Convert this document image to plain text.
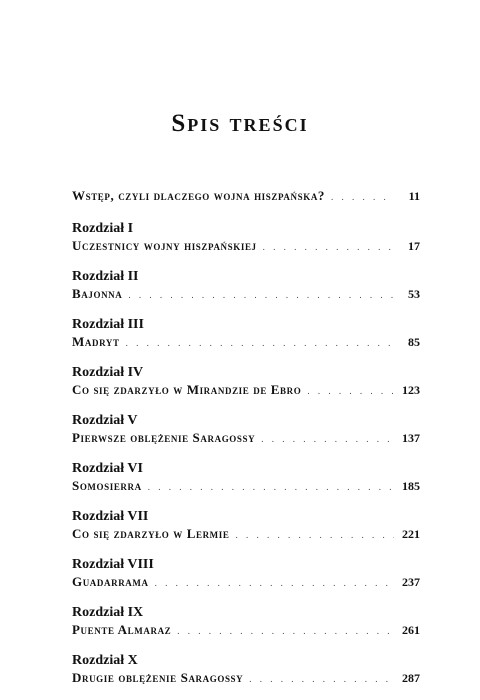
Spis treści
Wstęp, czyli dlaczego wojna hiszpańska? . . .	11
Rozdział I
Uczestnicy wojny hiszpańskiej . . .	17
Rozdział II
Bajonna . . .	53
Rozdział III
Madryt . . .	85
Rozdział IV
Co się zdarzyło w Mirandzie de Ebro . . .	123
Rozdział V
Pierwsze oblężenie Saragossy . . .	137
Rozdział VI
Somosierra . . .	185
Rozdział VII
Co się zdarzyło w Lermie . . .	221
Rozdział VIII
Guadarrama . . .	237
Rozdział IX
Puente Almaraz . . .	261
Rozdział X
Drugie oblężenie Saragossy . . .	287
